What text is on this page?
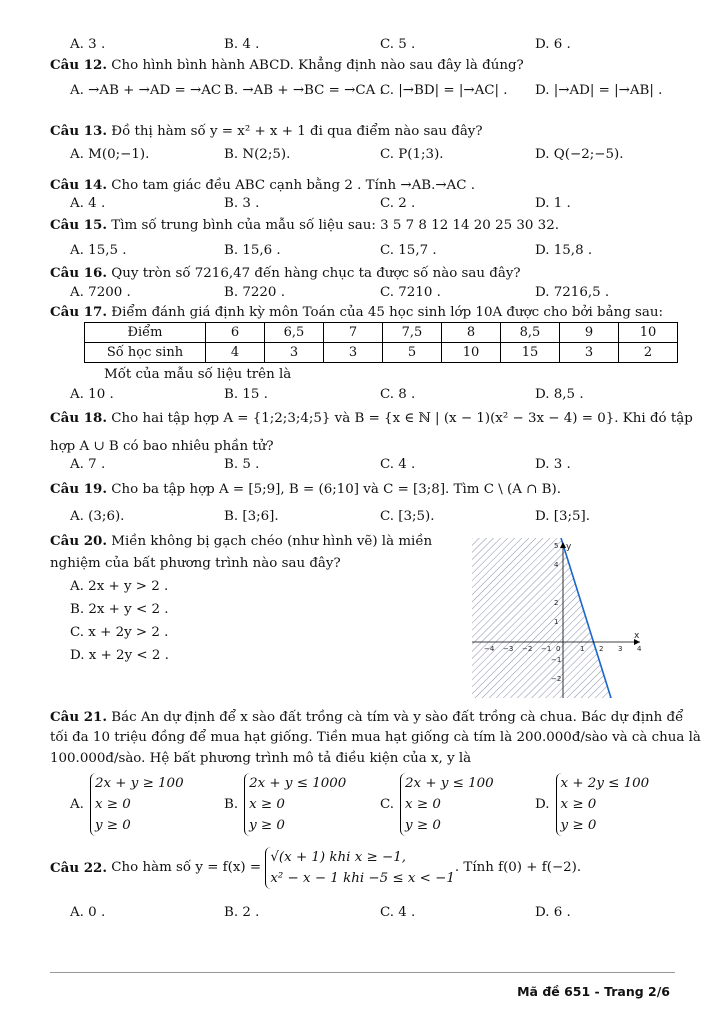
A. 3 .	B. 4 .	C. 5 .	D. 6 .
Câu 12. Cho hình bình hành ABCD. Khẳng định nào sau đây là đúng?
A. →AB + →AD = →AC .
B. →AB + →BC = →CA .
C. |→BD| = |→AC| . D. |→AD| = |→AB| .
Câu 13. Đồ thị hàm số y = x² + x + 1 đi qua điểm nào sau đây?
A. M(0;−1).	B. N(2;5).	C. P(1;3).	D. Q(−2;−5).
Câu 14. Cho tam giác đều ABC cạnh bằng 2 . Tính →AB.→AC .
A. 4 .	B. 3 .	C. 2 .	D. 1 .
Câu 15. Tìm số trung bình của mẫu số liệu sau: 3 5 7 8 12 14 20 25 30 32.
A. 15,5 .	B. 15,6 .	C. 15,7 .	D. 15,8 .
Câu 16. Quy tròn số 7216,47 đến hàng chục ta được số nào sau đây?
A. 7200 .	B. 7220 .	C. 7210 .	D. 7216,5 .
Câu 17. Điểm đánh giá định kỳ môn Toán của 45 học sinh lớp 10A được cho bởi bảng sau:
Điểm	6	6,5	7	7,5	8	8,5	9	10
Số học sinh	4	3	3	5	10	15	3	2
Mốt của mẫu số liệu trên là
A. 10 .	B. 15 .	C. 8 .	D. 8,5 .
Câu 18. Cho hai tập hợp A = {1;2;3;4;5} và B = {x ∈ ℕ | (x − 1)(x² − 3x − 4) = 0}. Khi đó tập
hợp A ∪ B có bao nhiêu phần tử?
A. 7 .	B. 5 .	C. 4 .	D. 3 .
Câu 19. Cho ba tập hợp A = [5;9], B = (6;10] và C = [3;8]. Tìm C \ (A ∩ B).
A. (3;6).	B. [3;6].	C. [3;5).	D. [3;5].
Câu 20. Miền không bị gạch chéo (như hình vẽ) là miền
nghiệm của bất phương trình nào sau đây?
A. 2x + y > 2 .
B. 2x + y < 2 .
C. x + 2y > 2 .
D. x + 2y < 2 .
y
x
5
4
2
1
−1
−2
−4 −3 −2 −1 0	1 2 3 4
Câu 21. Bác An dự định để x sào đất trồng cà tím và y sào đất trồng cà chua. Bác dự định để
tối đa 10 triệu đồng để mua hạt giống. Tiền mua hạt giống cà tím là 200.000đ/sào và cà chua là
100.000đ/sào. Hệ bất phương trình mô tả điều kiện của x, y là
A.2x + y ≥ 100
x ≥ 0
y ≥ 0
B.2x + y ≤ 1000
x ≥ 0
y ≥ 0
C.2x + y ≤ 100
x ≥ 0
y ≥ 0
D.x + 2y ≤ 100
x ≥ 0
y ≥ 0
Câu 22. Cho hàm số y = f(x) = √(x + 1) khi x ≥ −1,
x² − x − 1 khi −5 ≤ x < −1. Tính f(0) + f(−2).
A. 0 .	B. 2 .	C. 4 .	D. 6 .
Mã đề 651 - Trang 2/6
